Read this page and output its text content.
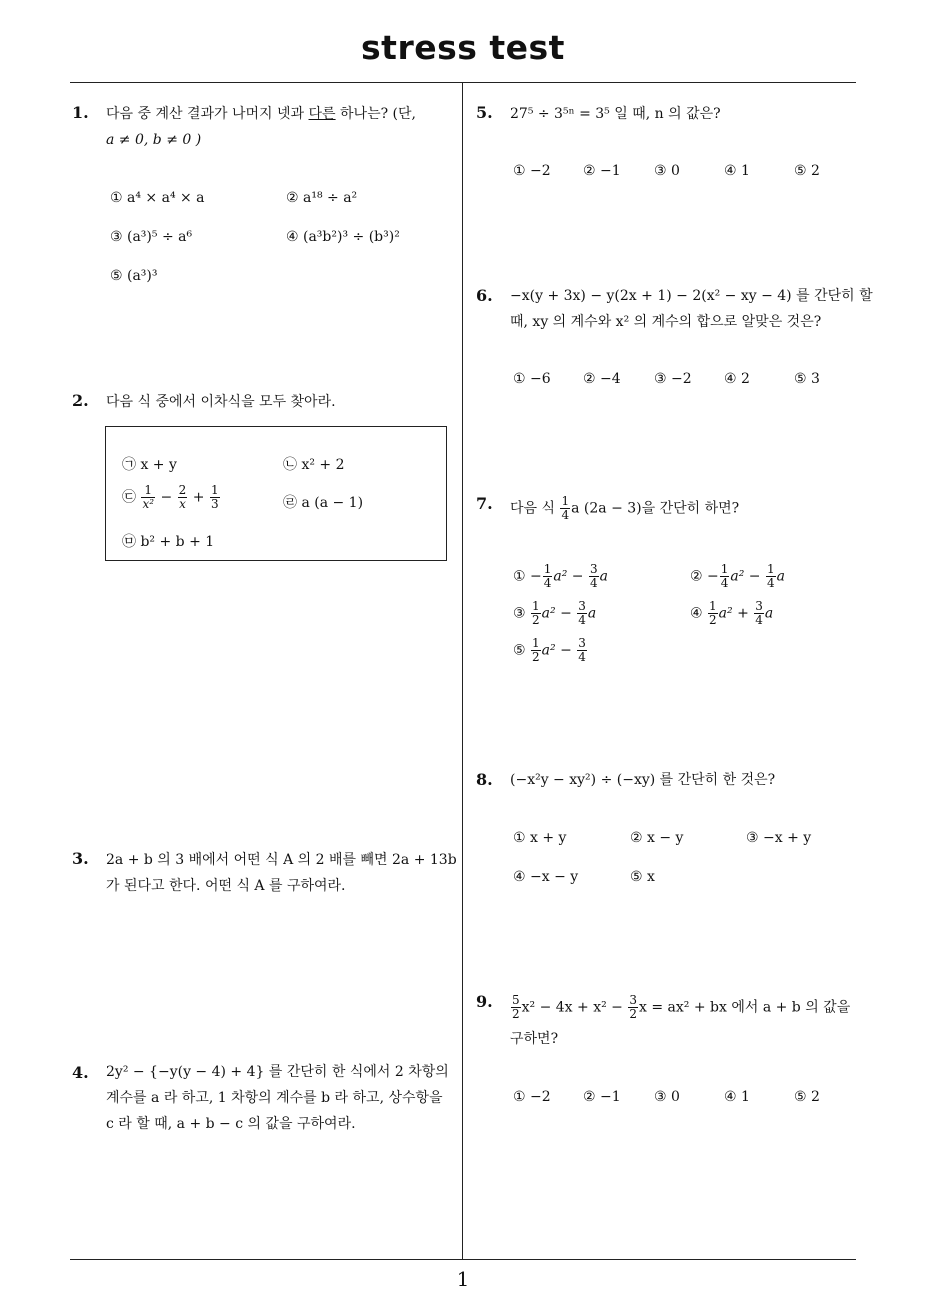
stress test
1
1. 다음 중 계산 결과가 나머지 넷과 다른 하나는? (단,
a ≠ 0, b ≠ 0 )
① a⁴ × a⁴ × a	② a¹⁸ ÷ a²
③ (a³)⁵ ÷ a⁶	④ (a³b²)³ ÷ (b³)²
⑤ (a³)³
2. 다음 식 중에서 이차식을 모두 찾아라.
㉠ x + y	㉡ x² + 2
㉢ $\frac{1}{\text{x²}} - \frac{2}{x} + \frac{1}{3}$	㉣ a (a − 1)
㉤ b² + b + 1
3. 2a + b 의 3 배에서 어떤 식 A 의 2 배를 빼면 2a + 13b
가 된다고 한다. 어떤 식 A 를 구하여라.
4. 2y² − {−y(y − 4) + 4} 를 간단히 한 식에서 2 차항의
계수를 a 라 하고, 1 차항의 계수를 b 라 하고, 상수항을
c 라 할 때, a + b − c 의 값을 구하여라.
5. 27⁵ ÷ 3⁵ⁿ = 3⁵ 일 때, n 의 값은?
① −2 ② −1 ③ 0	④ 1	⑤ 2
6. −x(y + 3x) − y(2x + 1) − 2(x² − xy − 4) 를 간단히 할
때, xy 의 계수와 x² 의 계수의 합으로 알맞은 것은?
① −6 ② −4 ③ −2 ④ 2	⑤ 3
7. 다음 식 $\frac{1}{4}$ a (2a − 3)을 간단히 하면?
① − $\frac{1}{4} a^2 - \frac{3}{4}$ a	② − $\frac{1}{4} a^2 - \frac{1}{4}$ a
③ $\frac{1}{2} a^2 - \frac{3}{4}$ a	④ $\frac{1}{2} a^2 + \frac{3}{4}$ a
⑤ $\frac{1}{2} a^2 - \frac{3}{4}$
8. (−x²y − xy²) ÷ (−xy) 를 간단히 한 것은?
① x + y	② x − y	③ −x + y
④ −x − y	⑤ x
9. $\frac{5}{2} x^2 - 4x + x^2 - \frac{3}{2}$ x = ax² + bx 에서 a + b 의 값을
구하면?
① −2 ② −1 ③ 0	④ 1	⑤ 2
